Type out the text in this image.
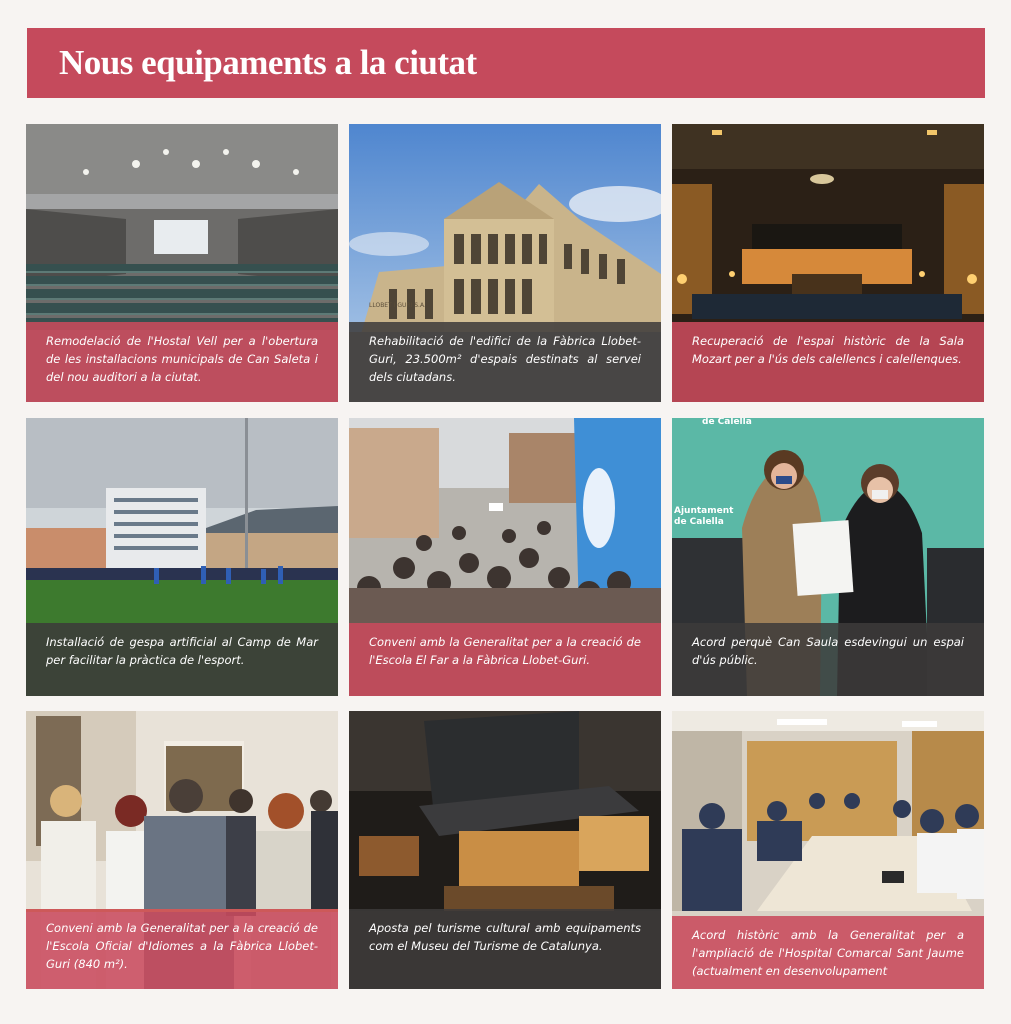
Nous equipaments a la ciutat
Remodelació de l'Hostal Vell per a l'obertura de les installacions municipals de Can Saleta i del nou auditori a la ciutat.
LLOBET I GURI S.A.
Rehabilitació de l'edifici de la Fàbrica Llobet-Guri, 23.500m² d'espais destinats al servei dels ciutadans.
Recuperació de l'espai històric de la Sala Mozart per a l'ús dels calellencs i calellenques.
Installació de gespa artificial al Camp de Mar per facilitar la pràctica de l'esport.
Conveni amb la Generalitat per a la creació de l'Escola El Far a la Fàbrica Llobet-Guri.
de Calella
Ajuntament
de Calella
Acord perquè Can Saula esdevingui un espai d'ús públic.
Conveni amb la Generalitat per a la creació de l'Escola Oficial d'Idiomes a la Fàbrica Llobet-Guri (840 m²).
Aposta pel turisme cultural amb equipaments com el Museu del Turisme de Catalunya.
Acord històric amb la Generalitat per a l'ampliació de l'Hospital Comarcal Sant Jaume (actualment en desenvolupament
